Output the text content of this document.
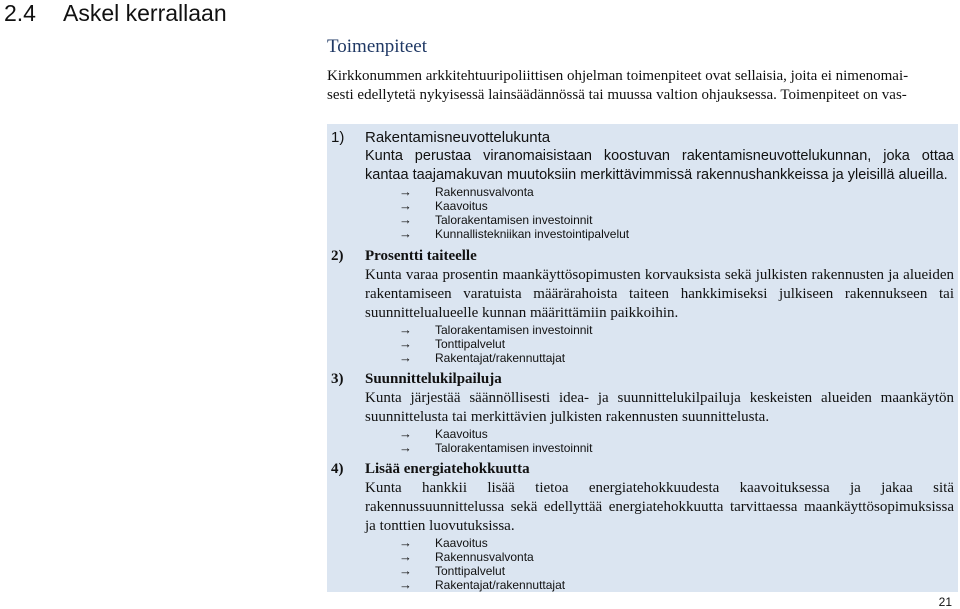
2.4 Askel kerrallaan
Toimenpiteet

Kirkkonummen arkkitehtuuripoliittisen ohjelman toimenpiteet ovat sellaisia, joita ei nimenomai-

sesti edellytetä nykyisessä lainsäädännössä tai muussa valtion ohjauksessa. Toimenpiteet on vas-

1) Rakentamisneuvottelukunta
Kunta perustaa viranomaisistaan koostuvan rakentamisneuvottelukunnan, joka ottaa kantaa taajamakuvan muutoksiin merkittävimmissä rakennushankkeissa ja yleisillä alueilla.
→ Rakennusvalvonta
→ Kaavoitus
→ Talorakentamisen investoinnit
→ Kunnallistekniikan investointipalvelut
2) Prosentti taiteelle
Kunta varaa prosentin maankäyttösopimusten korvauksista sekä julkisten rakennusten ja alueiden rakentamiseen varatuista määrärahoista taiteen hankkimiseksi julkiseen rakennukseen tai suunnittelualueelle kunnan määrittämiin paikkoihin.
→ Talorakentamisen investoinnit
→ Tonttipalvelut
→ Rakentajat/rakennuttajat
3) Suunnittelukilpailuja
Kunta järjestää säännöllisesti idea- ja suunnittelukilpailuja keskeisten alueiden maankäytön suunnittelusta tai merkittävien julkisten rakennusten suunnittelusta.
→ Kaavoitus
→ Talorakentamisen investoinnit
4) Lisää energiatehokkuutta
Kunta hankkii lisää tietoa energiatehokkuudesta kaavoituksessa ja jakaa sitä rakennussuunnittelussa sekä edellyttää energiatehokkuutta tarvittaessa maankäyttösopimuksissa ja tonttien luovutuksissa.
→ Kaavoitus
→ Rakennusvalvonta
→ Tonttipalvelut
→ Rakentajat/rakennuttajat
21
